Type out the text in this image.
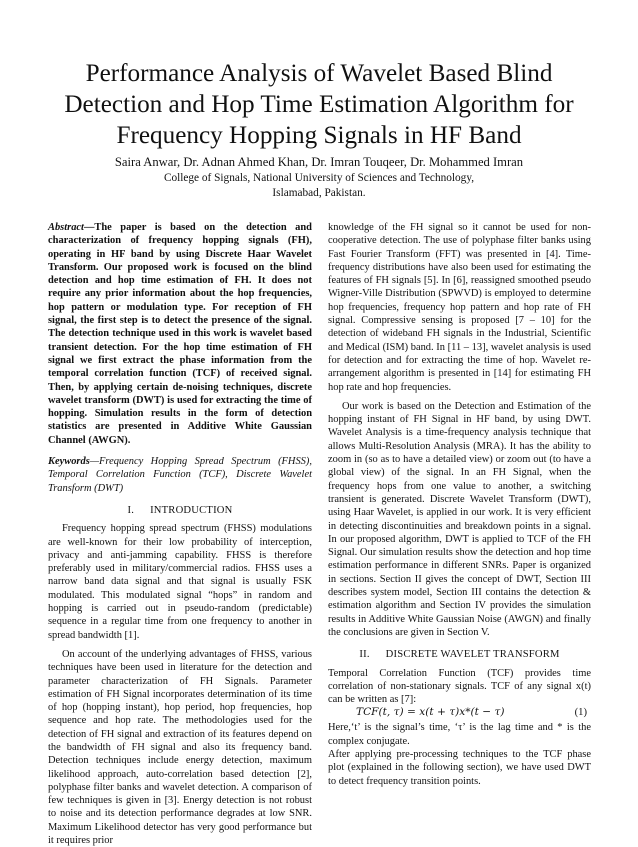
Performance Analysis of Wavelet Based Blind Detection and Hop Time Estimation Algorithm for Frequency Hopping Signals in HF Band
Saira Anwar, Dr. Adnan Ahmed Khan, Dr. Imran Touqeer, Dr. Mohammed Imran
College of Signals, National University of Sciences and Technology,
Islamabad, Pakistan.

Abstract—The paper is based on the detection and characterization of frequency hopping signals (FH), operating in HF band by using Discrete Haar Wavelet Transform. Our proposed work is focused on the blind detection and hop time estimation of FH. It does not require any prior information about the hop frequencies, hop pattern or modulation type. For reception of FH signal, the first step is to detect the presence of the signal. The detection technique used in this work is wavelet based transient detection. For the hop time estimation of FH signal we first extract the phase information from the temporal correlation function (TCF) of received signal. Then, by applying certain de-noising techniques, discrete wavelet transform (DWT) is used for extracting the time of hopping. Simulation results in the form of detection statistics are presented in Additive White Gaussian Channel (AWGN).

Keywords—Frequency Hopping Spread Spectrum (FHSS), Temporal Correlation Function (TCF), Discrete Wavelet Transform (DWT)

I. INTRODUCTION

Frequency hopping spread spectrum (FHSS) modulations are well-known for their low probability of interception, privacy and anti-jamming capability. FHSS is therefore preferably used in military/commercial radios. FHSS uses a narrow band data signal and that signal is usually FSK modulated. This modulated signal “hops” in random and hopping is carried out in pseudo-random (predictable) sequence in a regular time from one frequency to another in spread bandwidth [1].

On account of the underlying advantages of FHSS, various techniques have been used in literature for the detection and parameter characterization of FH Signals. Parameter estimation of FH Signal incorporates determination of its time of hop (hopping instant), hop period, hop frequencies, hop sequence and hop rate. The methodologies used for the detection of FH signal and extraction of its features depend on the bandwidth of FH signal and also its frequency band. Detection techniques include energy detection, maximum likelihood approach, auto-correlation based detection [2], polyphase filter banks and wavelet detection. A comparison of few techniques is given in [3]. Energy detection is not robust to noise and its detection performance degrades at low SNR. Maximum Likelihood detector has very good performance but it requires prior

knowledge of the FH signal so it cannot be used for non-cooperative detection. The use of polyphase filter banks using Fast Fourier Transform (FFT) was presented in [4]. Time-frequency distributions have also been used for estimating the features of FH signals [5]. In [6], reassigned smoothed pseudo Wigner-Ville Distribution (SPWVD) is employed to determine hop frequencies, frequency hop pattern and hop rate of FH signal. Compressive sensing is proposed [7 – 10] for the detection of wideband FH signals in the Industrial, Scientific and Medical (ISM) band. In [11 – 13], wavelet analysis is used for detection and for extracting the time of hop. Wavelet re-arrangement algorithm is presented in [14] for estimating FH hop rate and hop frequencies.

Our work is based on the Detection and Estimation of the hopping instant of FH Signal in HF band, by using DWT. Wavelet Analysis is a time-frequency analysis technique that allows Multi-Resolution Analysis (MRA). It has the ability to zoom in (so as to have a detailed view) or zoom out (to have a global view) of the signal. In an FH Signal, when the frequency hops from one value to another, a switching transient is generated. Discrete Wavelet Transform (DWT), using Haar Wavelet, is applied in our work. It is very efficient in detecting discontinuities and breakdown points in a signal. In our proposed algorithm, DWT is applied to TCF of the FH Signal. Our simulation results show the detection and hop time estimation performance in different SNRs. Paper is organized in sections. Section II gives the concept of DWT, Section III describes system model, Section III contains the detection & estimation algorithm and Section IV provides the simulation results in Additive White Gaussian Noise (AWGN) and finally the conclusions are given in Section V.

II. DISCRETE WAVELET TRANSFORM

Temporal Correlation Function (TCF) provides time correlation of non-stationary signals. TCF of any signal x(t) can be written as [7]:

TCF(t, τ) = x(t + τ)x*(t − τ)	(1)

Here,‘t’ is the signal’s time, ‘τ’ is the lag time and * is the complex conjugate.

After applying pre-processing techniques to the TCF phase plot (explained in the following section), we have used DWT to detect frequency transition points.
